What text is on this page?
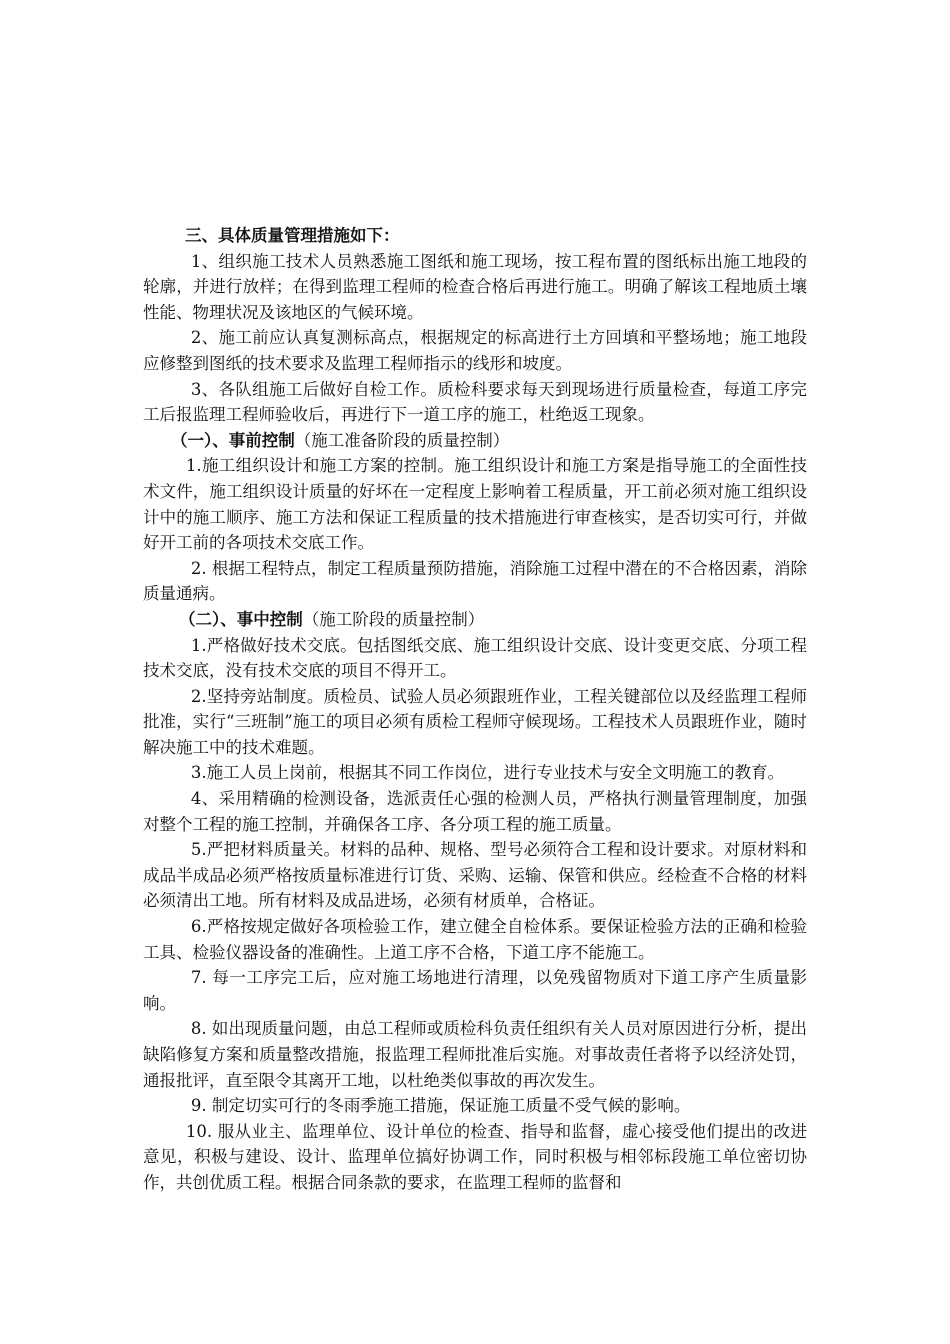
三、具体质量管理措施如下：

1、组织施工技术人员熟悉施工图纸和施工现场，按工程布置的图纸标出施工地段的轮廓，并进行放样；在得到监理工程师的检查合格后再进行施工。明确了解该工程地质土壤性能、物理状况及该地区的气候环境。

2、施工前应认真复测标高点，根据规定的标高进行土方回填和平整场地；施工地段应修整到图纸的技术要求及监理工程师指示的线形和坡度。

3、各队组施工后做好自检工作。质检科要求每天到现场进行质量检查，每道工序完工后报监理工程师验收后，再进行下一道工序的施工，杜绝返工现象。

（一）、事前控制（施工准备阶段的质量控制）

1.施工组织设计和施工方案的控制。施工组织设计和施工方案是指导施工的全面性技术文件，施工组织设计质量的好坏在一定程度上影响着工程质量，开工前必须对施工组织设计中的施工顺序、施工方法和保证工程质量的技术措施进行审查核实，是否切实可行，并做好开工前的各项技术交底工作。

2. 根据工程特点，制定工程质量预防措施，消除施工过程中潜在的不合格因素，消除质量通病。

（二）、事中控制（施工阶段的质量控制）

1.严格做好技术交底。包括图纸交底、施工组织设计交底、设计变更交底、分项工程技术交底，没有技术交底的项目不得开工。

2.坚持旁站制度。质检员、试验人员必须跟班作业，工程关键部位以及经监理工程师批准，实行“三班制”施工的项目必须有质检工程师守候现场。工程技术人员跟班作业，随时解决施工中的技术难题。

3.施工人员上岗前，根据其不同工作岗位，进行专业技术与安全文明施工的教育。

4、采用精确的检测设备，选派责任心强的检测人员，严格执行测量管理制度，加强对整个工程的施工控制，并确保各工序、各分项工程的施工质量。

5.严把材料质量关。材料的品种、规格、型号必须符合工程和设计要求。对原材料和成品半成品必须严格按质量标准进行订货、采购、运输、保管和供应。经检查不合格的材料必须清出工地。所有材料及成品进场，必须有材质单，合格证。

6.严格按规定做好各项检验工作，建立健全自检体系。要保证检验方法的正确和检验工具、检验仪器设备的准确性。上道工序不合格，下道工序不能施工。

7. 每一工序完工后，应对施工场地进行清理，以免残留物质对下道工序产生质量影响。

8. 如出现质量问题，由总工程师或质检科负责任组织有关人员对原因进行分析，提出缺陷修复方案和质量整改措施，报监理工程师批准后实施。对事故责任者将予以经济处罚，通报批评，直至限令其离开工地，以杜绝类似事故的再次发生。

9. 制定切实可行的冬雨季施工措施，保证施工质量不受气候的影响。

10. 服从业主、监理单位、设计单位的检查、指导和监督，虚心接受他们提出的改进意见，积极与建设、设计、监理单位搞好协调工作，同时积极与相邻标段施工单位密切协作，共创优质工程。根据合同条款的要求，在监理工程师的监督和
